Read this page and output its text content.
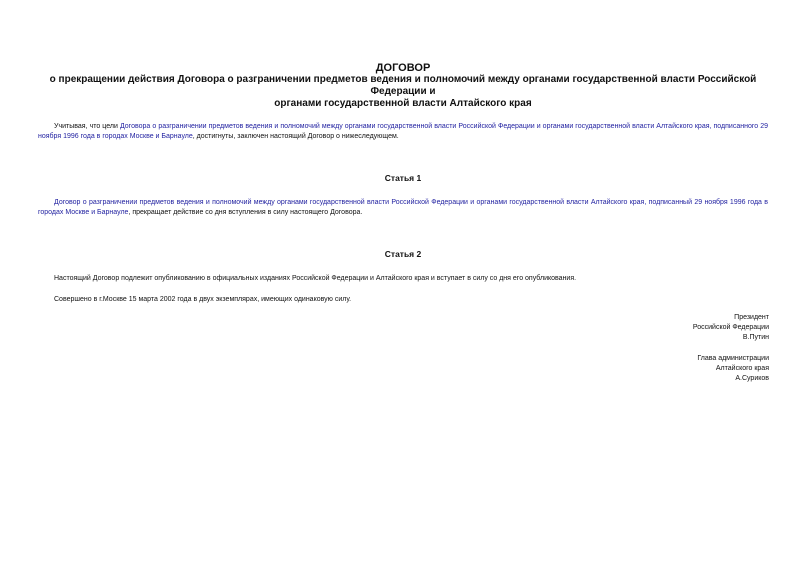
ДОГОВОР

о прекращении действия Договора о разграничении предметов ведения и полномочий между органами государственной власти Российской Федерации и
органами государственной власти Алтайского края

Учитывая, что цели Договора о разграничении предметов ведения и полномочий между органами государственной власти Российской Федерации и органами государственной власти Алтайского края, подписанного 29 ноября 1996 года в городах Москве и Барнауле, достигнуты, заключен настоящий Договор о нижеследующем.

Статья 1

Договор о разграничении предметов ведения и полномочий между органами государственной власти Российской Федерации и органами государственной власти Алтайского края, подписанный 29 ноября 1996 года в городах Москве и Барнауле, прекращает действие со дня вступления в силу настоящего Договора.

Статья 2

Настоящий Договор подлежит опубликованию в официальных изданиях Российской Федерации и Алтайского края и вступает в силу со дня его опубликования.

Совершено в г.Москве 15 марта 2002 года в двух экземплярах, имеющих одинаковую силу.

Президент
Российской Федерации
В.Путин
Глава администрации
Алтайского края
А.Суриков
